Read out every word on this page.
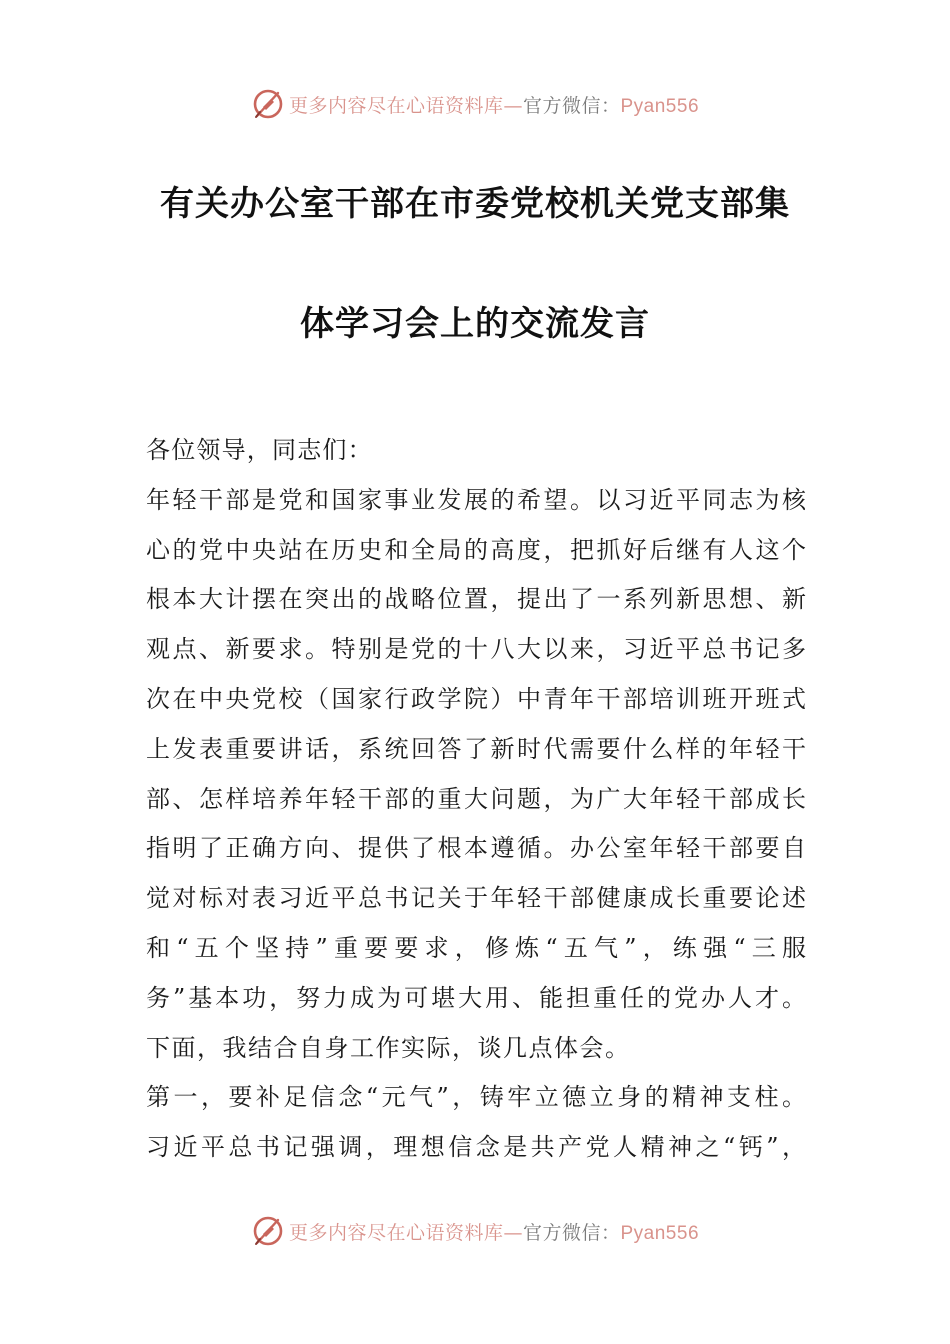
更多内容尽在心语资料库—官方微信：Pyan556
有关办公室干部在市委党校机关党支部集
体学习会上的交流发言

各位领导，同志们：

年轻干部是党和国家事业发展的希望。以习近平同志为核

心的党中央站在历史和全局的高度，把抓好后继有人这个

根本大计摆在突出的战略位置，提出了一系列新思想、新

观点、新要求。特别是党的十八大以来，习近平总书记多

次在中央党校（国家行政学院）中青年干部培训班开班式

上发表重要讲话，系统回答了新时代需要什么样的年轻干

部、怎样培养年轻干部的重大问题，为广大年轻干部成长

指明了正确方向、提供了根本遵循。办公室年轻干部要自

觉对标对表习近平总书记关于年轻干部健康成长重要论述

和“五个坚持”重要要求，修炼“五气”，练强“三服

务”基本功，努力成为可堪大用、能担重任的党办人才。

下面，我结合自身工作实际，谈几点体会。

第一，要补足信念“元气”，铸牢立德立身的精神支柱。

习近平总书记强调，理想信念是共产党人精神之“钙”，

更多内容尽在心语资料库—官方微信：Pyan556
